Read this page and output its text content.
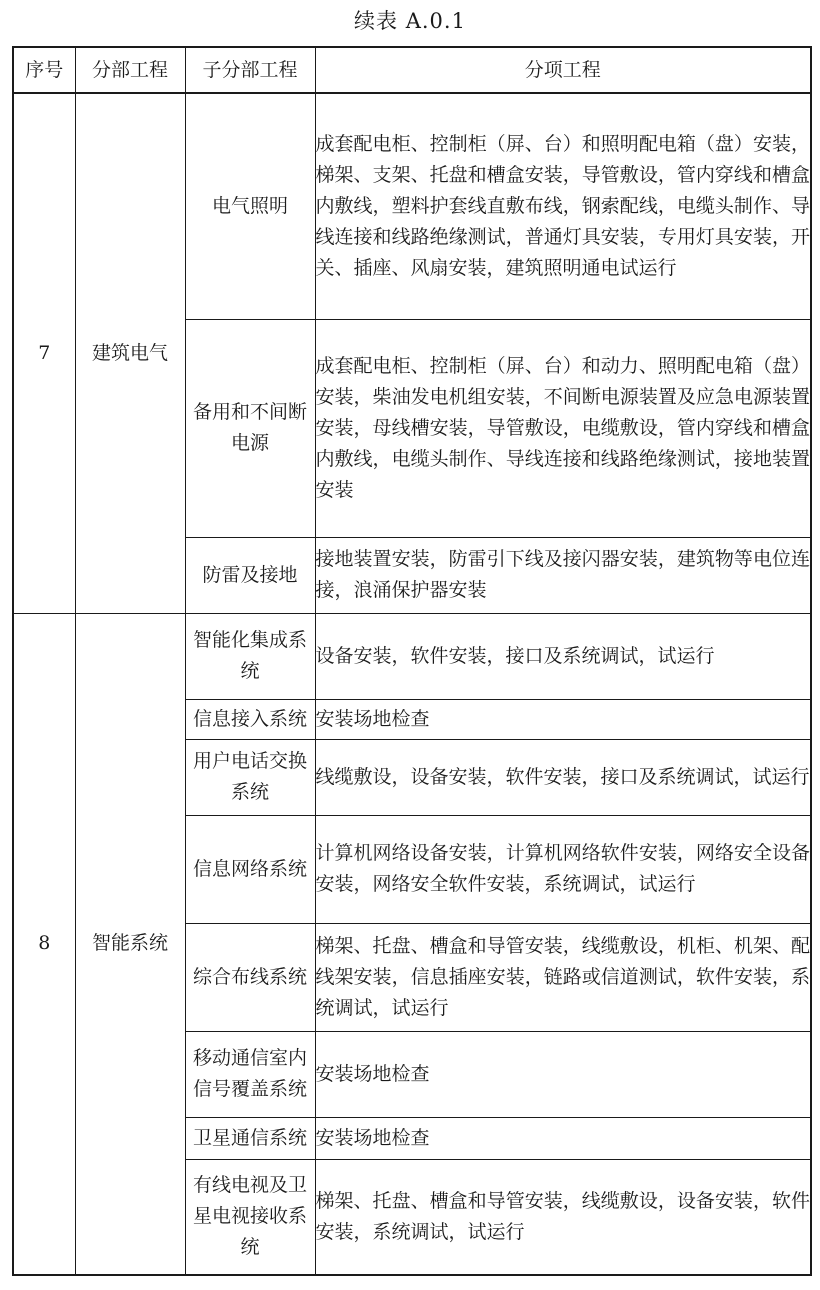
续表 A.0.1
序号	分部工程	子分部工程	分项工程
7	建筑电气	电气照明	成套配电柜、控制柜（屏、台）和照明配电箱（盘）安装，梯架、支架、托盘和槽盒安装，导管敷设，管内穿线和槽盒内敷线，塑料护套线直敷布线，钢索配线，电缆头制作、导线连接和线路绝缘测试，普通灯具安装，专用灯具安装，开关、插座、风扇安装，建筑照明通电试运行
		备用和不间断电源	成套配电柜、控制柜（屏、台）和动力、照明配电箱（盘）安装，柴油发电机组安装，不间断电源装置及应急电源装置安装，母线槽安装，导管敷设，电缆敷设，管内穿线和槽盒内敷线，电缆头制作、导线连接和线路绝缘测试，接地装置安装
		防雷及接地	接地装置安装，防雷引下线及接闪器安装，建筑物等电位连接，浪涌保护器安装
8	智能系统	智能化集成系统	设备安装，软件安装，接口及系统调试，试运行
		信息接入系统	安装场地检查
		用户电话交换系统	线缆敷设，设备安装，软件安装，接口及系统调试，试运行
		信息网络系统	计算机网络设备安装，计算机网络软件安装，网络安全设备安装，网络安全软件安装，系统调试，试运行
		综合布线系统	梯架、托盘、槽盒和导管安装，线缆敷设，机柜、机架、配线架安装，信息插座安装，链路或信道测试，软件安装，系统调试，试运行
		移动通信室内信号覆盖系统	安装场地检查
		卫星通信系统	安装场地检查
		有线电视及卫星电视接收系统	梯架、托盘、槽盒和导管安装，线缆敷设，设备安装，软件安装，系统调试，试运行
